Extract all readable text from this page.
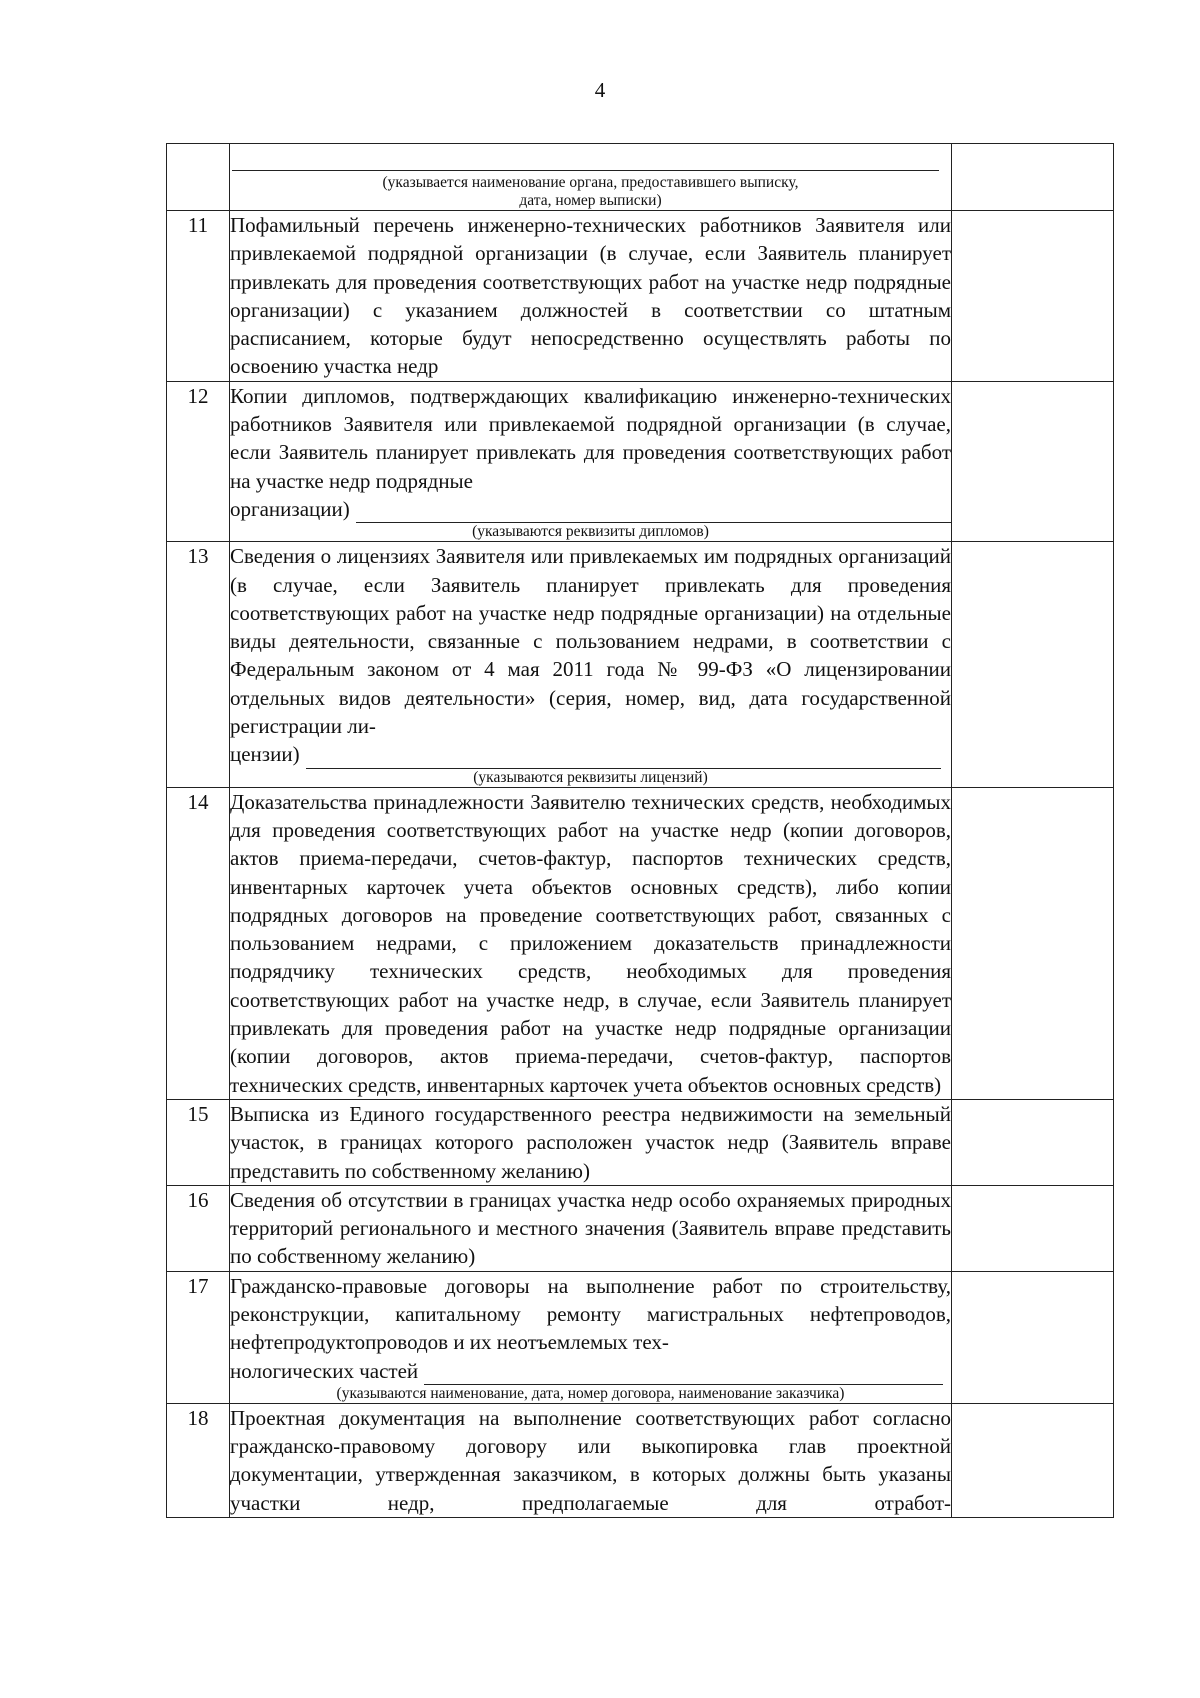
4

	(указывается наименование органа, предоставившего выписку,
дата, номер выписки)	

11	Пофамильный перечень инженерно-технических работников Заявителя или привлекаемой подрядной организации (в случае, если Заявитель планирует привлекать для проведения соответствующих работ на участке недр подрядные организации) с указанием должностей в соответствии со штатным расписанием, которые будут непосредственно осуществлять работы по освоению участка недр	

12	Копии дипломов, подтверждающих квалификацию инженерно-технических работников Заявителя или привлекаемой подрядной организации (в случае, если Заявитель планирует привлекать для проведения соответствующих работ на участке недр подрядные
организации)
(указываются реквизиты дипломов)	

13	Сведения о лицензиях Заявителя или привлекаемых им подрядных организаций (в случае, если Заявитель планирует привлекать для проведения соответствующих работ на участке недр подрядные организации) на отдельные виды деятельности, связанные с пользованием недрами, в соответствии с Федеральным законом от 4 мая 2011 года № 99-ФЗ «О лицензировании отдельных видов деятельности» (серия, номер, вид, дата государственной регистрации ли-
цензии)
(указываются реквизиты лицензий)	

14	Доказательства принадлежности Заявителю технических средств, необходимых для проведения соответствующих работ на участке недр (копии договоров, актов приема-передачи, счетов-фактур, паспортов технических средств, инвентарных карточек учета объектов основных средств), либо копии подрядных договоров на проведение соответствующих работ, связанных с пользованием недрами, с приложением доказательств принадлежности подрядчику технических средств, необходимых для проведения соответствующих работ на участке недр, в случае, если Заявитель планирует привлекать для проведения работ на участке недр подрядные организации (копии договоров, актов приема-передачи, счетов-фактур, паспортов технических средств, инвентарных карточек учета объектов основных средств)	

15	Выписка из Единого государственного реестра недвижимости на земельный участок, в границах которого расположен участок недр (Заявитель вправе представить по собственному желанию)	

16	Сведения об отсутствии в границах участка недр особо охраняемых природных территорий регионального и местного значения (Заявитель вправе представить по собственному желанию)	

17	Гражданско-правовые договоры на выполнение работ по строительству, реконструкции, капитальному ремонту магистральных нефтепроводов, нефтепродуктопроводов и их неотъемлемых тех-
нологических частей
(указываются наименование, дата, номер договора, наименование заказчика)	

18	Проектная документация на выполнение соответствующих работ согласно гражданско-правовому договору или выкопировка глав проектной документации, утвержденная заказчиком, в которых должны быть указаны участки недр, предполагаемые для отработ-	
